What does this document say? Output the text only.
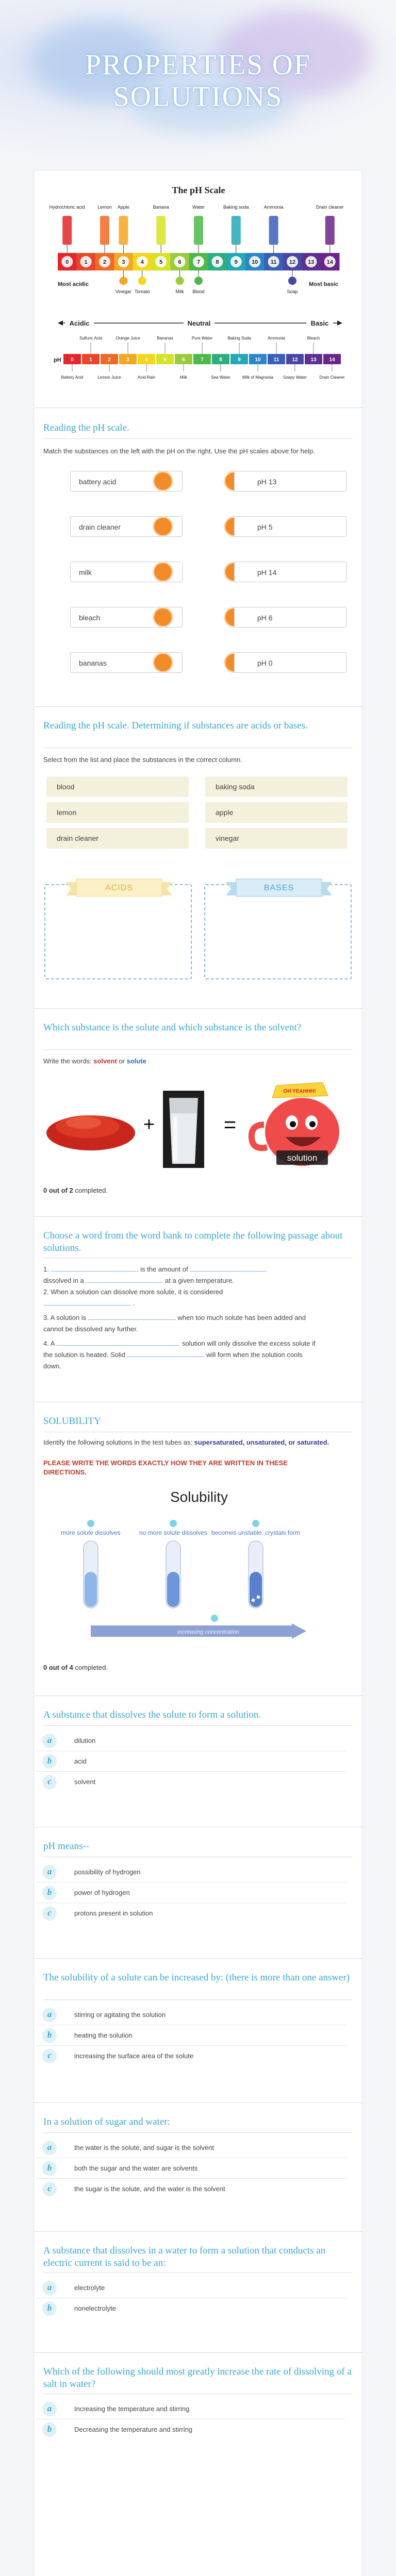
PROPERTIES OF
SOLUTIONS
The pH Scale
Hydrochloric acid	Lemon Apple	Banana	Water	Baking soda	Ammonia	Drain cleaner
0	1	2	3	4	5	6	7	8	9 10 11 12 13 14
Vinegar Tomato	Milk Blood	Soap
Most acidic	Most basic
Acidic	Neutral	Basic
Sulfuric Acid	Orange Juice	Bananas	Pure Water	Baking Soda	Ammonia	Bleach
pH 0	1	2	3	4	5	6	7	8	9	10	11	12 13 14
Battery Acid	Lemon Juice	Acid Rain	Milk	Sea Water	Milk of Magnesia Soapy Water	Drain Cleaner
Reading the pH scale.
Match the substances on the left with the pH on the right. Use the pH scales above for help.
battery acid
drain cleaner
milk
bleach
bananas
pH 13
pH 5
pH 14
pH 6
pH 0
Reading the pH scale. Determining if substances are acids or bases.
Select from the list and place the substances in the correct column.
blood	baking soda
lemon	apple
drain cleaner	vinegar
ACIDS	BASES
Which substance is the solute and which substance is the solvent?
Write the words: solvent or solute
+	=
OH YEAHHH!
solution
0 out of 2 completed.
Choose a word from the word bank to complete the following passage about solutions.
1.	is the amount of
dissolved in a	at a given temperature.
2. When a solution can dissolve more solute, it is considered
.
3. A solution is	when too much solute has been added and cannot be dissolved any further.
4. A	solution will only dissolve the excess solute if the solution is heated. Solid	will form when the solution cools down.
SOLUBILITY
Identify the following solutions in the test tubes as: supersaturated, unsaturated, or saturated.
PLEASE WRITE THE WORDS EXACTLY HOW THEY ARE WRITTEN IN THESE DIRECTIONS.
Solubility
more solute dissolves	no more solute dissolves becomes unstable, crystals form
increasing concentration
0 out of 4 completed.
A substance that dissolves the solute to form a solution.
a	dilution
b	acid
c	solvent
pH means--
a	possibility of hydrogen
b	power of hydrogen
c	protons present in solution
The solubility of a solute can be increased by: (there is more than one answer)
a	stirring or agitating the solution
b	heating the solution
c	increasing the surface area of the solute
In a solution of sugar and water:
a	the water is the solute, and sugar is the solvent
b	both the sugar and the water are solvents
c	the sugar is the solute, and the water is the solvent
A substance that dissolves in a water to form a solution that conducts an electric current is said to be an:
a	electrolyte
b	nonelectrolyte
Which of the following should most greatly increase the rate of dissolving of a salt in water?
a	Increasing the temperature and stirring
b	Decreasing the temperature and stirring
